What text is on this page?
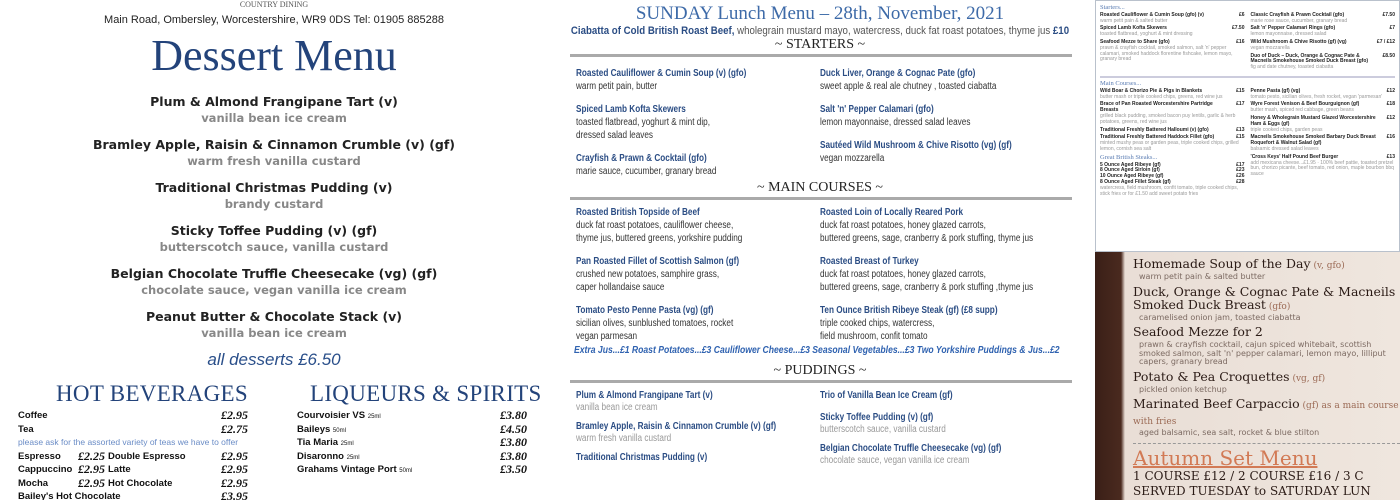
COUNTRY DINING
Main Road, Ombersley, Worcestershire, WR9 0DS Tel: 01905 885288
Dessert Menu
Plum & Almond Frangipane Tart (v)
vanilla bean ice cream
Bramley Apple, Raisin & Cinnamon Crumble (v) (gf)
warm fresh vanilla custard
Traditional Christmas Pudding (v)
brandy custard
Sticky Toffee Pudding (v) (gf)
butterscotch sauce, vanilla custard
Belgian Chocolate Truffle Cheesecake (vg) (gf)
chocolate sauce, vegan vanilla ice cream
Peanut Butter & Chocolate Stack (v)
vanilla bean ice cream
all desserts £6.50
HOT BEVERAGES	LIQUEURS & SPIRITS
Coffee	£2.95
Tea	£2.75
please ask for the assorted variety of teas we have to offer
Espresso £2.25 Double Espresso	£2.95
Cappuccino £2.95 Latte	£2.95
Mocha £2.95 Hot Chocolate	£2.95
Bailey's Hot Chocolate	£3.95
Courvoisier VS 25ml	£3.80
Baileys 50ml	£4.50
Tia Maria 25ml	£3.80
Disaronno 25ml	£3.80
Grahams Vintage Port 50ml	£3.50
SUNDAY Lunch Menu – 28th, November, 2021
Ciabatta of Cold British Roast Beef, wholegrain mustard mayo, watercress, duck fat roast potatoes, thyme jus £10
~ STARTERS ~
Roasted Cauliflower & Cumin Soup (v) (gfo)
warm petit pain, butter
Spiced Lamb Kofta Skewers
toasted flatbread, yoghurt & mint dip,
dressed salad leaves
Crayfish & Prawn & Cocktail (gfo)
marie sauce, cucumber, granary bread
Duck Liver, Orange & Cognac Pate (gfo)
sweet apple & real ale chutney , toasted ciabatta
Salt 'n' Pepper Calamari (gfo)
lemon mayonnaise, dressed salad leaves
Sautéed Wild Mushroom & Chive Risotto (vg) (gf)
vegan mozzarella
~ MAIN COURSES ~
Roasted British Topside of Beef
duck fat roast potatoes, cauliflower cheese,
thyme jus, buttered greens, yorkshire pudding
Pan Roasted Fillet of Scottish Salmon (gf)
crushed new potatoes, samphire grass,
caper hollandaise sauce
Tomato Pesto Penne Pasta (vg) (gf)
sicilian olives, sunblushed tomatoes, rocket
vegan parmesan
Roasted Loin of Locally Reared Pork
duck fat roast potatoes, honey glazed carrots,
buttered greens, sage, cranberry & pork stuffing, thyme jus
Roasted Breast of Turkey
duck fat roast potatoes, honey glazed carrots,
buttered greens, sage, cranberry & pork stuffing ,thyme jus
Ten Ounce British Ribeye Steak (gf) (£8 supp)
triple cooked chips, watercress,
field mushroom, confit tomato
Extra Jus...£1 Roast Potatoes...£3 Cauliflower Cheese...£3 Seasonal Vegetables...£3 Two Yorkshire Puddings & Jus...£2
~ PUDDINGS ~
Plum & Almond Frangipane Tart (v)
vanilla bean ice cream
Bramley Apple, Raisin & Cinnamon Crumble (v) (gf)
warm fresh vanilla custard
Traditional Christmas Pudding (v)
Trio of Vanilla Bean Ice Cream (gf)
Sticky Toffee Pudding (v) (gf)
butterscotch sauce, vanilla custard
Belgian Chocolate Truffle Cheesecake (vg) (gf)
chocolate sauce, vegan vanilla ice cream
Starters...
Roasted Cauliflower & Cumin Soup (gfo) (v)	£6
warm petit pain & salted butter
Spiced Lamb Kofta Skewers	£7.50
toasted flatbread, yoghurt & mint dressing
Seafood Mezze to Share (gfo)	£16
prawn & crayfish cocktail, smoked salmon, salt 'n' pepper calamari, smoked haddock florentine fishcake, lemon mayo, granary bread
Classic Crayfish & Prawn Cocktail (gfo)	£7.50
marie rose sauce, cucumber, granary bread
Salt 'n' Pepper Calamari Rings (gfo)	£7
lemon mayonnaise, dressed salad
Wild Mushroom & Chive Risotto (gf) (vg)	£7 / £12
vegan mozzarella
Duo of Duck – Duck, Orange & Cognac Pate & Macneils Smokehouse Smoked Duck Breast (gfo)
£8.50
fig and date chutney, toasted ciabatta
Main Courses...
Wild Boar & Chorizo Pie & Pigs in Blankets	£15
butter mash or triple cooked chips, greens, red wine jus
Brace of Pan Roasted Worcestershire Partridge Breasts
£17
grilled black pudding, smoked bacon puy lentils, garlic & herb potatoes, greens, red wine jus
Traditional Freshly Battered Halloumi (v) (gfo)	£13
Traditional Freshly Battered Haddock Fillet (gfo)	£15
minted mushy peas or garden peas, triple cooked chips, grilled lemon, cornish sea salt
Great British Steaks...
5 Ounce Aged Ribeye (gf)	£17
8 Ounce Aged Sirloin (gf)	£23
10 Ounce Aged Ribeye (gf)	£26
8 Ounce Aged Fillet Steak (gf)	£28
watercress, field mushroom, confit tomato, triple cooked chips, stick fries or for £1.50 add sweet potato fries
Penne Pasta (gf) (vg)	£12
tomato pesto, sicilian olives, fresh rocket, vegan 'parmesan'
Wyre Forest Venison & Beef Bourguignon (gf)	£18
butter mash, spiced red cabbage, green beans
Honey & Wholegrain Mustard Glazed Worcestershire Ham & Eggs (gf)
£12
triple cooked chips, garden peas
Macneils Smokehouse Smoked Barbary Duck Breast Roquefort & Walnut Salad (gf)
£16
balsamic dressed salad leaves
'Cross Keys' Half Pound Beef Burger	£13
add mexicana cheese...£1.95 · 100% beef pattie, toasted pretzel bun, chorizo picante, beef tomato, red onion, maple bourbon bbq sauce
Homemade Soup of the Day (v, gfo)
warm petit pain & salted butter
Duck, Orange & Cognac Pate & Macneils Smoked Duck Breast (gfo)
caramelised onion jam, toasted ciabatta
Seafood Mezze for 2
prawn & crayfish cocktail, cajun spiced whitebait, scottish smoked salmon, salt 'n' pepper calamari, lemon mayo, lilliput capers, granary bread
Potato & Pea Croquettes (vg, gf)
pickled onion ketchup
Marinated Beef Carpaccio (gf) as a main course with fries
aged balsamic, sea salt, rocket & blue stilton
Autumn Set Menu
1 COURSE £12 / 2 COURSE £16 / 3 C
SERVED TUESDAY to SATURDAY LUN
